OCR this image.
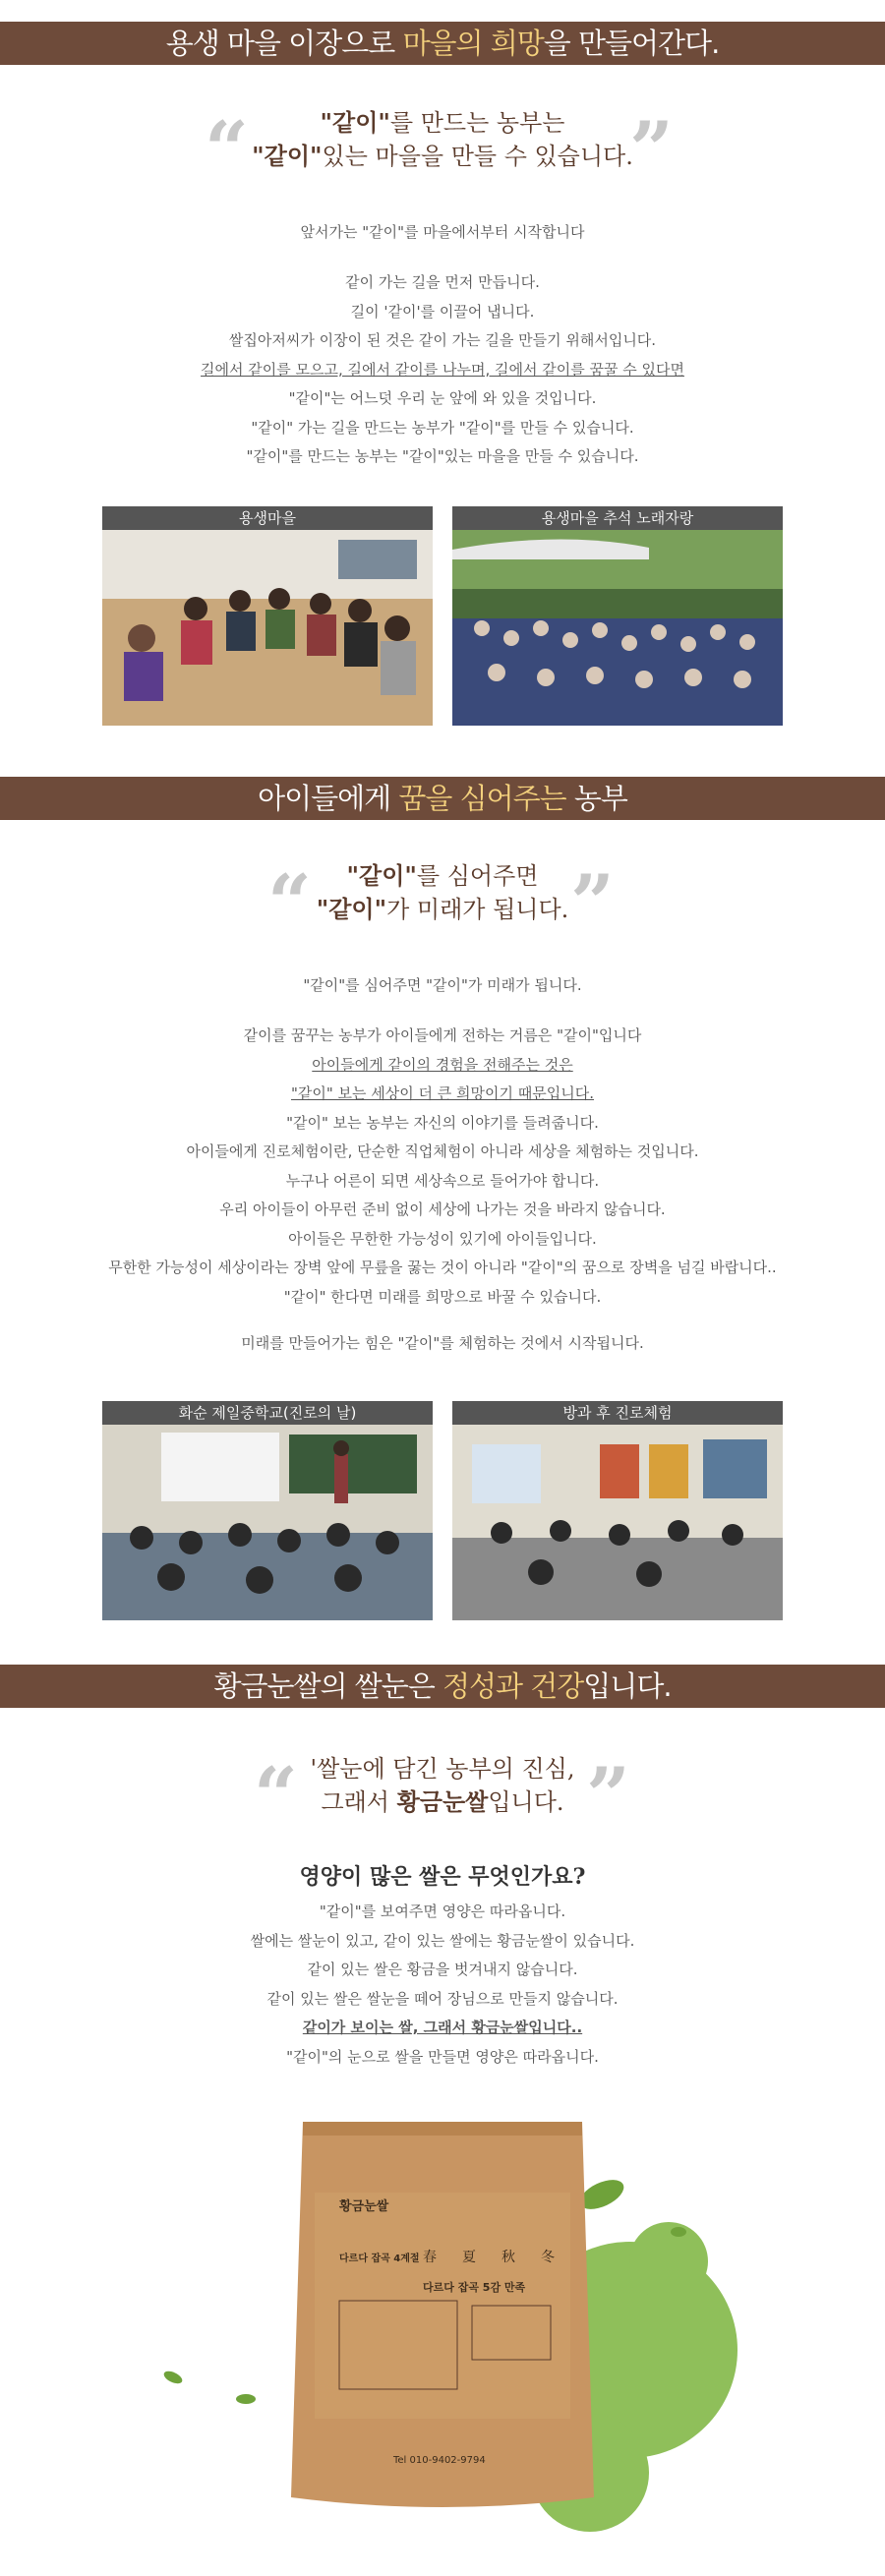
용생 마을 이장으로 마을의 희망을 만들어간다.
“	"같이"를 만드는 농부는
"같이"있는 마을을 만들 수 있습니다.
”
앞서가는 "같이"를 마을에서부터 시작합니다
같이 가는 길을 먼저 만듭니다.
길이 '같이'를 이끌어 냅니다.
쌀집아저씨가 이장이 된 것은 같이 가는 길을 만들기 위해서입니다.
길에서 같이를 모으고, 길에서 같이를 나누며, 길에서 같이를 꿈꿀 수 있다면
"같이"는 어느덧 우리 눈 앞에 와 있을 것입니다.
"같이" 가는 길을 만드는 농부가 "같이"를 만들 수 있습니다.
"같이"를 만드는 농부는 "같이"있는 마을을 만들 수 있습니다.
용생마을	용생마을 추석 노래자랑
아이들에게 꿈을 심어주는 농부
“	"같이"를 심어주면
"같이"가 미래가 됩니다. ”
"같이"를 심어주면 "같이"가 미래가 됩니다.
같이를 꿈꾸는 농부가 아이들에게 전하는 거름은 "같이"입니다
아이들에게 같이의 경험을 전해주는 것은
"같이" 보는 세상이 더 큰 희망이기 때문입니다.
"같이" 보는 농부는 자신의 이야기를 들려줍니다.
아이들에게 진로체험이란, 단순한 직업체험이 아니라 세상을 체험하는 것입니다.
누구나 어른이 되면 세상속으로 들어가야 합니다.
우리 아이들이 아무런 준비 없이 세상에 나가는 것을 바라지 않습니다.
아이들은 무한한 가능성이 있기에 아이들입니다.
무한한 가능성이 세상이라는 장벽 앞에 무릎을 꿇는 것이 아니라 "같이"의 꿈으로 장벽을 넘길 바랍니다..
"같이" 한다면 미래를 희망으로 바꿀 수 있습니다.
미래를 만들어가는 힘은 "같이"를 체험하는 것에서 시작됩니다.
화순 제일중학교(진로의 날)	방과 후 진로체험
황금눈쌀의 쌀눈은 정성과 건강입니다.
“ '쌀눈에 담긴 농부의 진심,
그래서 황금눈쌀입니다. ”
영양이 많은 쌀은 무엇인가요?
"같이"를 보여주면 영양은 따라옵니다.
쌀에는 쌀눈이 있고, 같이 있는 쌀에는 황금눈쌀이 있습니다.
같이 있는 쌀은 황금을 벗겨내지 않습니다.
같이 있는 쌀은 쌀눈을 떼어 장님으로 만들지 않습니다.
같이가 보이는 쌀, 그래서 황금눈쌀입니다..
"같이"의 눈으로 쌀을 만들면 영양은 따라옵니다.
황금눈쌀
다르다 잡곡 4계절 春 夏 秋 冬
다르다 잡곡 5감 만족
Tel 010-9402-9794
